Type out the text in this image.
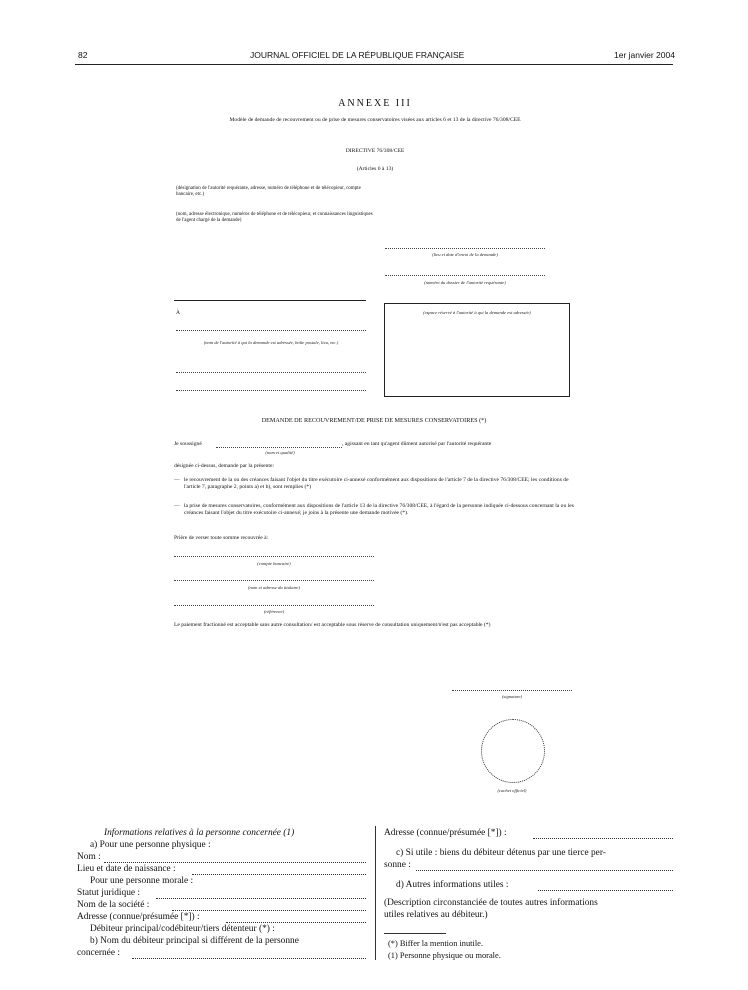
82	JOURNAL OFFICIEL DE LA RÉPUBLIQUE FRANÇAISE	1er janvier 2004
ANNEXE III
Modèle de demande de recouvrement ou de prise de mesures conservatoires visées aux articles 6 et 13 de la directive 76/308/CEE
DIRECTIVE 76/308/CEE
(Articles 6 à 13)
(désignation de l'autorité requérante, adresse, numéro de téléphone et de télécopieur, compte bancaire, etc.)
(nom, adresse électronique, numéros de téléphone et de télécopieur, et connaissances linguistiques de l'agent chargé de la demande)
(lieu et date d'envoi de la demande)
(numéro du dossier de l'autorité requérante)
À
(nom de l'autorité à qui la demande est adressée, boîte postale, lieu, etc.)
(espace réservé à l'autorité à qui la demande est adressée)
DEMANDE DE RECOUVREMENT/DE PRISE DE MESURES CONSERVATOIRES (*)
Je soussigné	, agissant en tant qu'agent dûment autorisé par l'autorité requérante
(nom et qualité)
désignée ci-dessus, demande par la présente:
— le recouvrement de la ou des créances faisant l'objet du titre exécutoire ci-annexé conformément aux dispositions de l'article 7 de la directive 76/308/CEE; les conditions de l'article 7, paragraphe 2, points a) et b), sont remplies (*)
— la prise de mesures conservatoires, conformément aux dispositions de l'article 13 de la directive 76/308/CEE, à l'égard de la personne indiquée ci-dessous concernant la ou les créances faisant l'objet du titre exécutoire ci-annexé; je joins à la présente une demande motivée (*).
Prière de verser toute somme recouvrée à:
(compte bancaire)
(nom et adresse du titulaire)
(référence)
Le paiement fractionné est acceptable sans autre consultation/ est acceptable sous réserve de consultation uniquement/n'est pas acceptable (*)
(signature)
(cachet officiel)
Informations relatives à la personne concernée (1)
a) Pour une personne physique :
Nom :
Lieu et date de naissance :
Pour une personne morale :
Statut juridique :
Nom de la société :
Adresse (connue/présumée [*]) :
Débiteur principal/codébiteur/tiers détenteur (*) :
b) Nom du débiteur principal si différent de la personne
concernée :
Adresse (connue/présumée [*]) :
c) Si utile : biens du débiteur détenus par une tierce per-
sonne :
d) Autres informations utiles :
(Description circonstanciée de toutes autres informations
utiles relatives au débiteur.)
(*) Biffer la mention inutile.
(1) Personne physique ou morale.
